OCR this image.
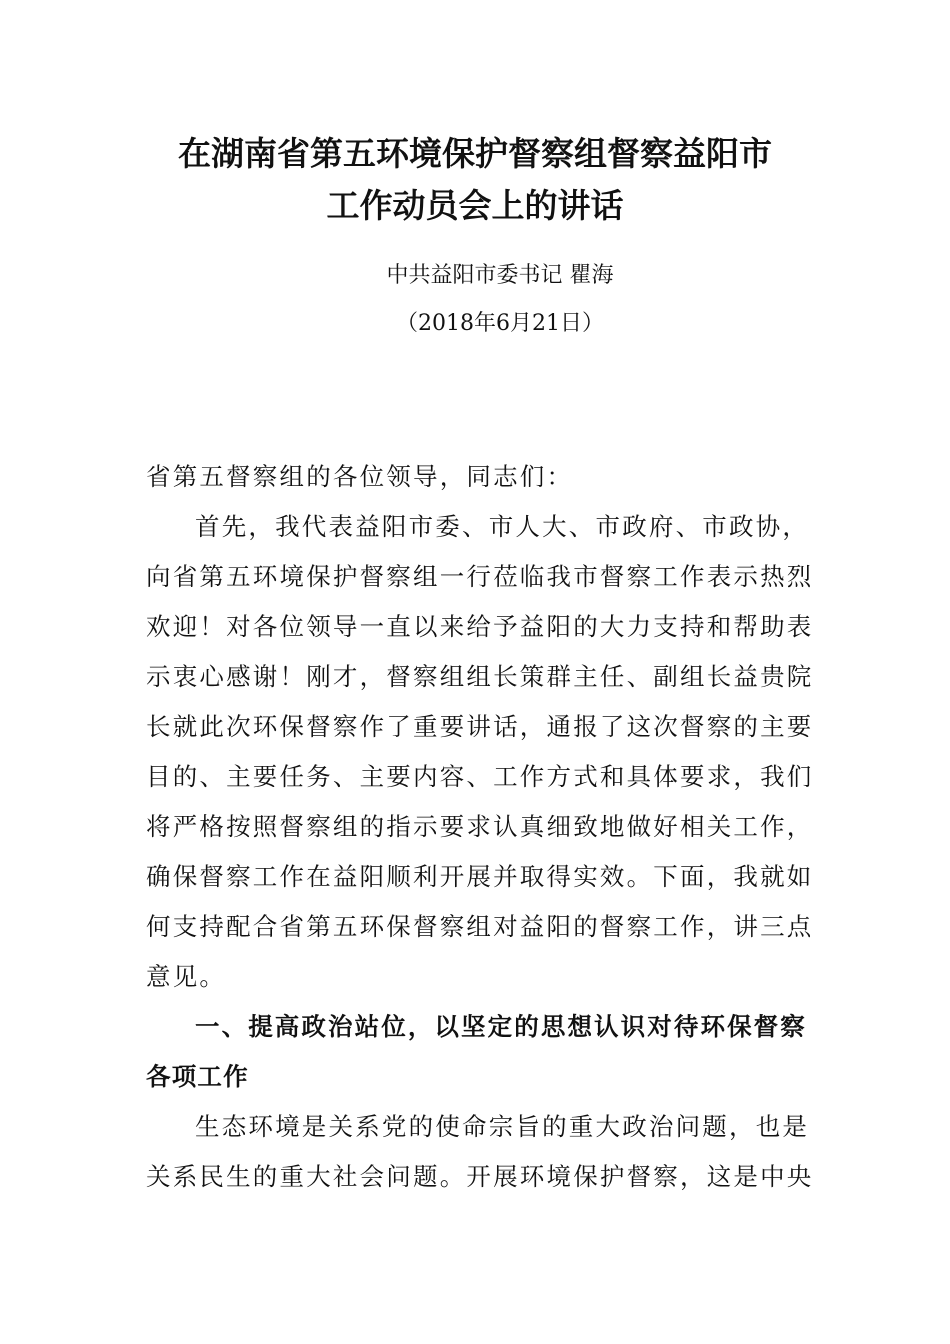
在湖南省第五环境保护督察组督察益阳市
工作动员会上的讲话
中共益阳市委书记 瞿海
（2018年6月21日）
省第五督察组的各位领导，同志们：
首先，我代表益阳市委、市人大、市政府、市政协，
向省第五环境保护督察组一行莅临我市督察工作表示热烈
欢迎！对各位领导一直以来给予益阳的大力支持和帮助表
示衷心感谢！刚才，督察组组长策群主任、副组长益贵院
长就此次环保督察作了重要讲话，通报了这次督察的主要
目的、主要任务、主要内容、工作方式和具体要求，我们
将严格按照督察组的指示要求认真细致地做好相关工作，
确保督察工作在益阳顺利开展并取得实效。下面，我就如
何支持配合省第五环保督察组对益阳的督察工作，讲三点
意见。
一、提高政治站位，以坚定的思想认识对待环保督察
各项工作
生态环境是关系党的使命宗旨的重大政治问题，也是
关系民生的重大社会问题。开展环境保护督察，这是中央
